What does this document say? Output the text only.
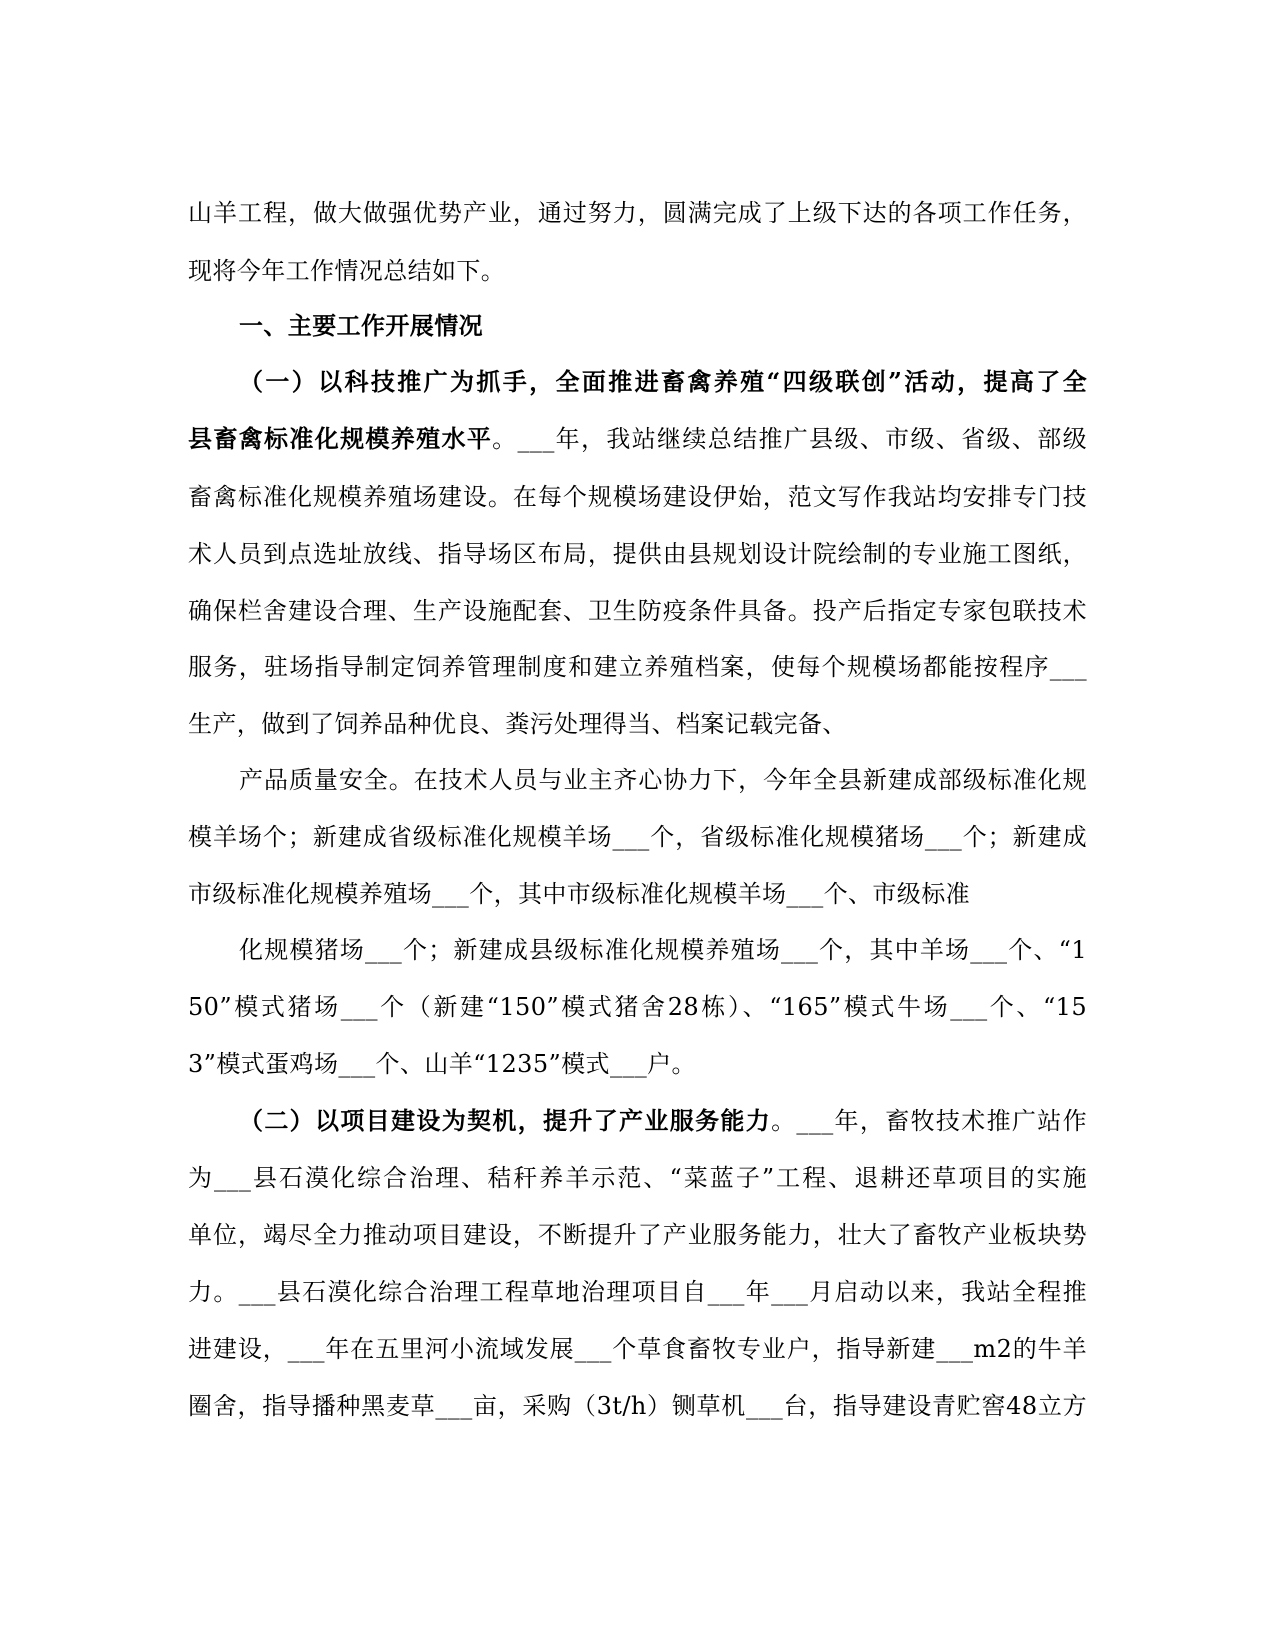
山羊工程，做大做强优势产业，通过努力，圆满完成了上级下达的各项工作任务，
现将今年工作情况总结如下。
一、主要工作开展情况
（一）以科技推广为抓手，全面推进畜禽养殖“四级联创”活动，提高了全
县畜禽标准化规模养殖水平。___年，我站继续总结推广县级、市级、省级、部级
畜禽标准化规模养殖场建设。在每个规模场建设伊始，范文写作我站均安排专门技
术人员到点选址放线、指导场区布局，提供由县规划设计院绘制的专业施工图纸，
确保栏舍建设合理、生产设施配套、卫生防疫条件具备。投产后指定专家包联技术
服务，驻场指导制定饲养管理制度和建立养殖档案，使每个规模场都能按程序___
生产，做到了饲养品种优良、粪污处理得当、档案记载完备、
产品质量安全。在技术人员与业主齐心协力下，今年全县新建成部级标准化规
模羊场个；新建成省级标准化规模羊场___个，省级标准化规模猪场___个；新建成
市级标准化规模养殖场___个，其中市级标准化规模羊场___个、市级标准
化规模猪场___个；新建成县级标准化规模养殖场___个，其中羊场___个、“1
50”模式猪场___个（新建“150”模式猪舍28栋）、“165”模式牛场___个、“15
3”模式蛋鸡场___个、山羊“1235”模式___户。
（二）以项目建设为契机，提升了产业服务能力。___年，畜牧技术推广站作
为___县石漠化综合治理、秸秆养羊示范、“菜蓝子”工程、退耕还草项目的实施
单位，竭尽全力推动项目建设，不断提升了产业服务能力，壮大了畜牧产业板块势
力。___县石漠化综合治理工程草地治理项目自___年___月启动以来，我站全程推
进建设，___年在五里河小流域发展___个草食畜牧专业户，指导新建___m2的牛羊
圈舍，指导播种黑麦草___亩，采购（3t/h）铡草机___台，指导建设青贮窖48立方
